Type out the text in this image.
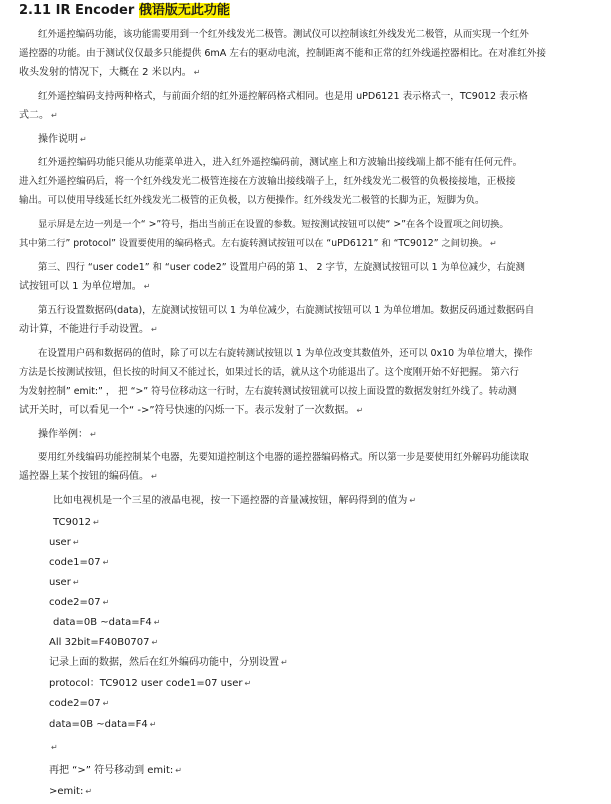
2.11 IR Encoder 俄语版无此功能
红外遥控编码功能，该功能需要用到一个红外线发光二极管。测试仪可以控制该红外线发光二极管，从而实现一个红外
遥控器的功能。由于测试仪仅最多只能提供 6mA 左右的驱动电流，控制距离不能和正常的红外线遥控器相比。在对准红外接
收头发射的情况下，大概在 2 米以内。 ↵
红外遥控编码支持两种格式，与前面介绍的红外遥控解码格式相同。也是用 uPD6121 表示格式一，TC9012 表示格
式二。 ↵
操作说明 ↵
红外遥控编码功能只能从功能菜单进入，进入红外遥控编码前，测试座上和方波输出接线端上都不能有任何元件。
进入红外遥控编码后，将一个红外线发光二极管连接在方波输出接线端子上，红外线发光二极管的负极接接地，正极接
输出。可以使用导线延长红外线发光二极管的正负极，以方便操作。红外线发光二极管的长脚为正，短脚为负。
显示屏是左边一列是一个“ >”符号，指出当前正在设置的参数。短按测试按钮可以使“ >”在各个设置项之间切换。
其中第二行” protocol” 设置要使用的编码格式。左右旋转测试按钮可以在 “uPD6121” 和 “TC9012” 之间切换。 ↵
第三、四行 “user code1” 和 “user code2” 设置用户码的第 1、 2 字节，左旋测试按钮可以 1 为单位减少，右旋测
试按钮可以 1 为单位增加。 ↵
第五行设置数据码(data)，左旋测试按钮可以 1 为单位减少，右旋测试按钮可以 1 为单位增加。数据反码通过数据码自
动计算，不能进行手动设置。 ↵
在设置用户码和数据码的值时，除了可以左右旋转测试按钮以 1 为单位改变其数值外，还可以 0x10 为单位增大，操作
方法是长按测试按钮，但长按的时间又不能过长，如果过长的话，就从这个功能退出了。这个度刚开始不好把握。 第六行
为发射控制” emit:” ， 把 “>” 符号位移动这一行时，左右旋转测试按钮就可以按上面设置的数据发射红外线了。转动测
试开关时，可以看见一个“ ->”符号快速的闪烁一下。表示发射了一次数据。 ↵
操作举例： ↵
要用红外线编码功能控制某个电器，先要知道控制这个电器的遥控器编码格式。所以第一步是要使用红外解码功能读取
遥控器上某个按钮的编码值。 ↵
比如电视机是一个三星的液晶电视，按一下遥控器的音量减按钮，解码得到的值为 ↵
TC9012 ↵
user ↵
code1=07 ↵
user ↵
code2=07 ↵
data=0B ~data=F4 ↵
All 32bit=F40B0707 ↵
记录上面的数据，然后在红外编码功能中，分别设置 ↵
protocol：TC9012 user code1=07 user ↵
code2=07 ↵
data=0B ~data=F4 ↵
↵
再把 “>” 符号移动到 emit: ↵
>emit: ↵
